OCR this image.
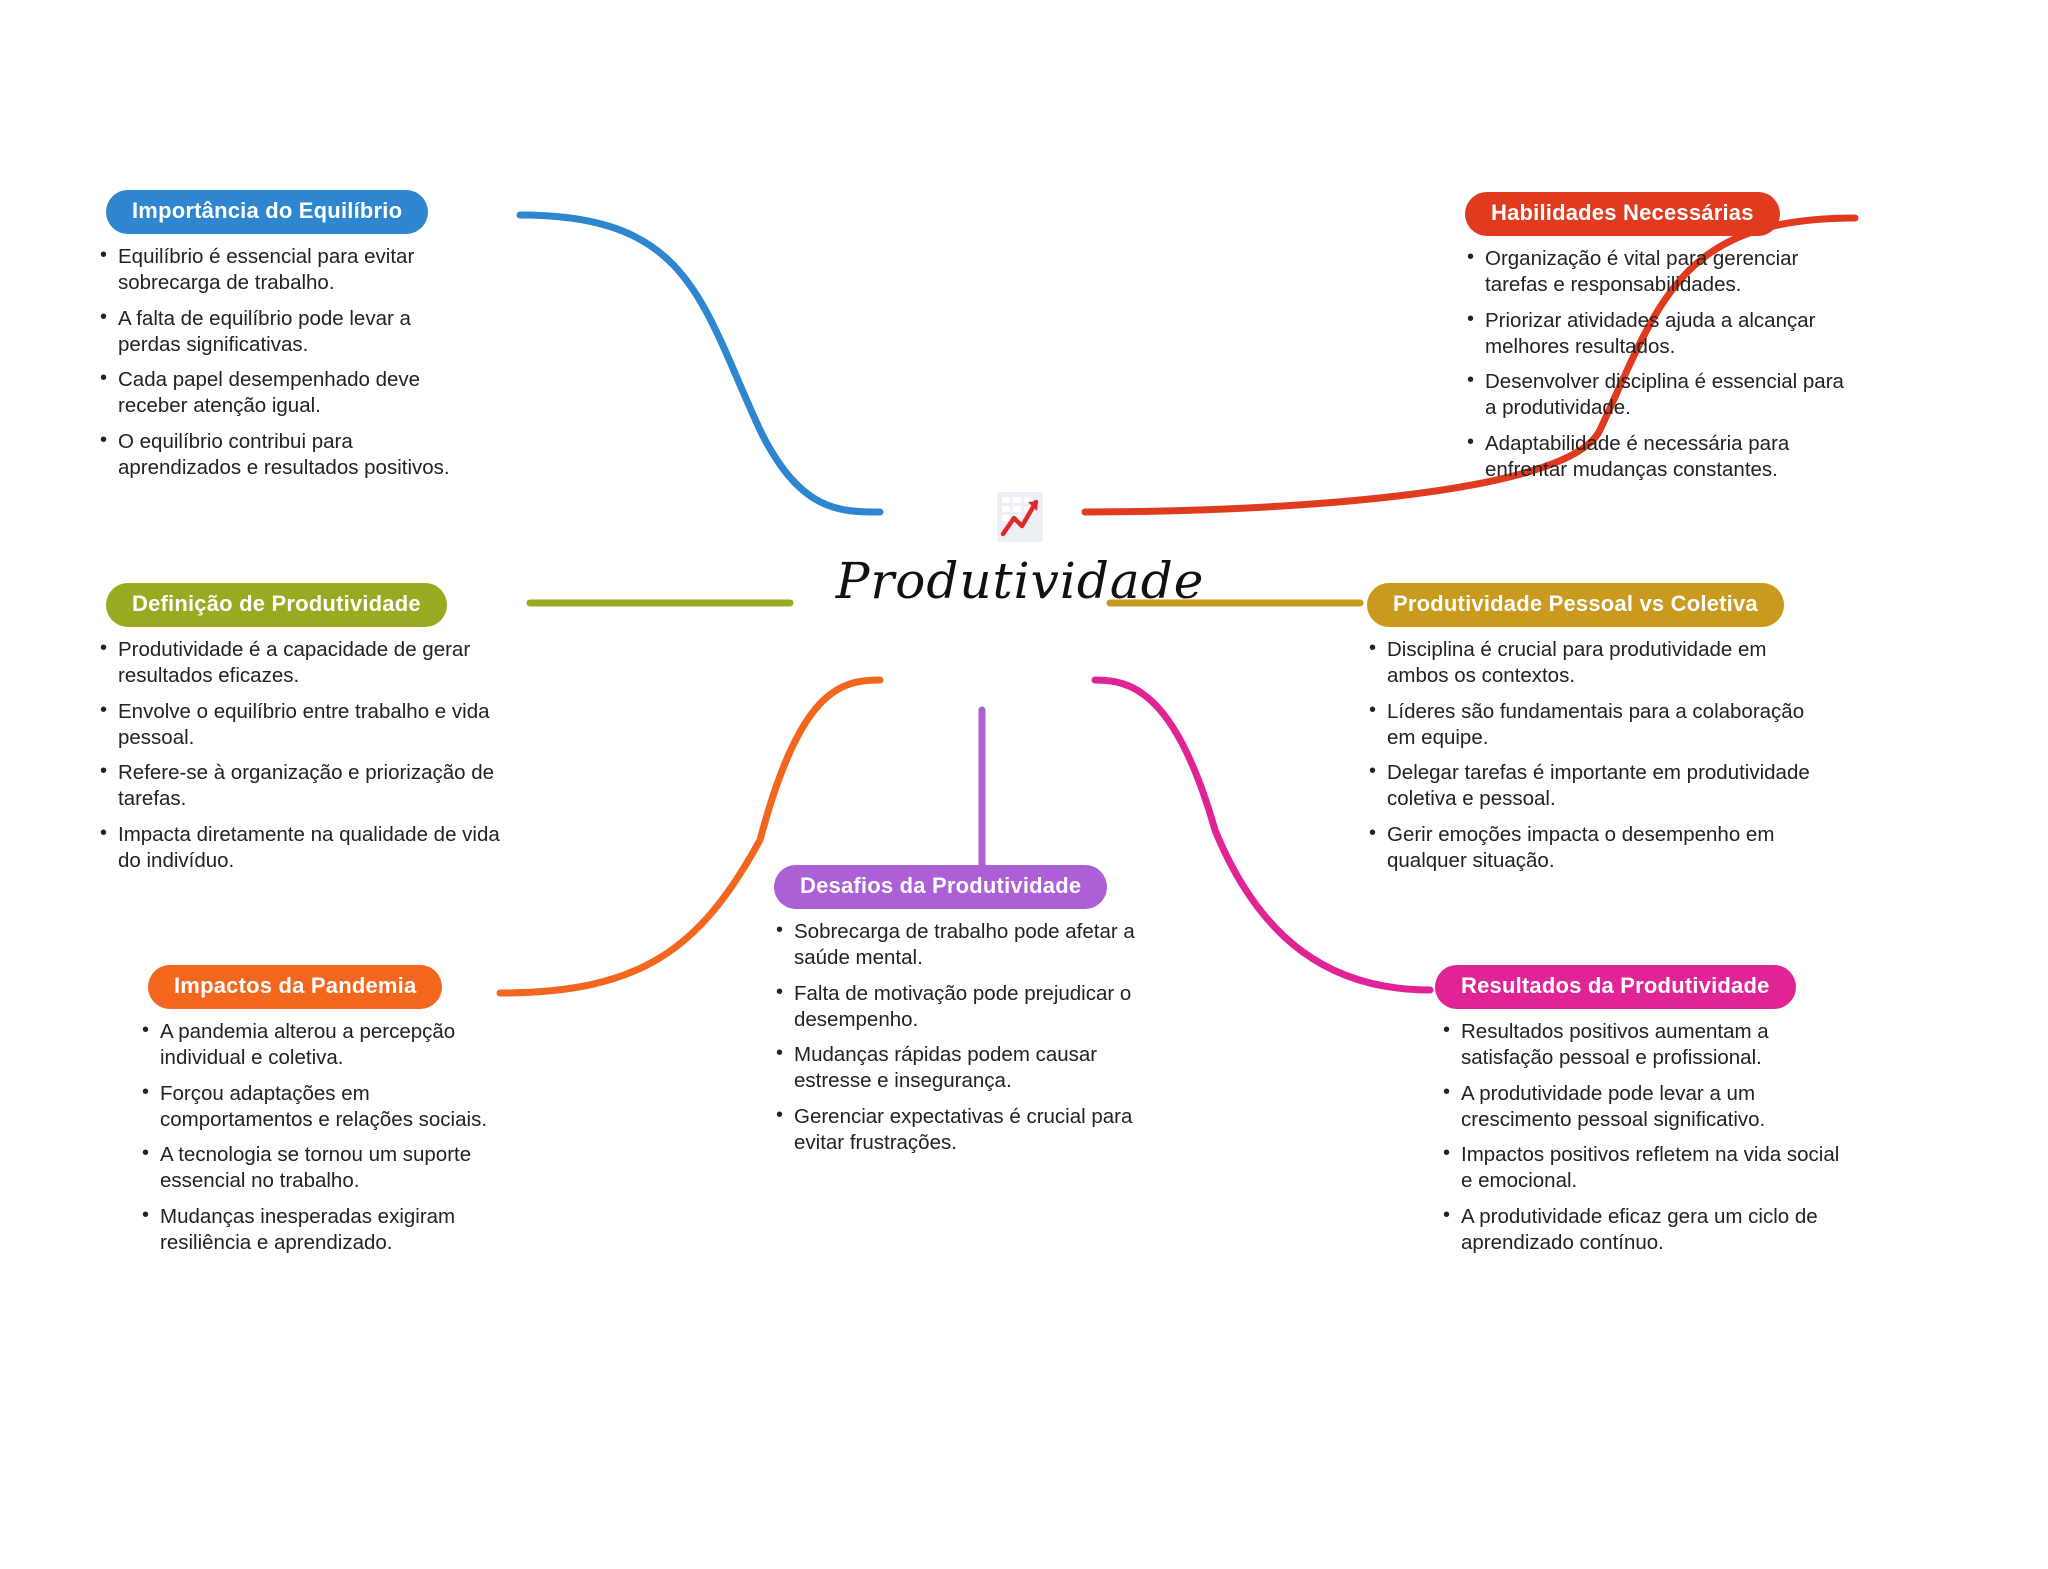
Produtividade
Importância do Equilíbrio
• Equilíbrio é essencial para evitar sobrecarga de trabalho.
• A falta de equilíbrio pode levar a perdas significativas.
• Cada papel desempenhado deve receber atenção igual.
• O equilíbrio contribui para aprendizados e resultados positivos.
Habilidades Necessárias
• Organização é vital para gerenciar tarefas e responsabilidades.
• Priorizar atividades ajuda a alcançar melhores resultados.
• Desenvolver disciplina é essencial para a produtividade.
• Adaptabilidade é necessária para enfrentar mudanças constantes.
Definição de Produtividade
• Produtividade é a capacidade de gerar resultados eficazes.
• Envolve o equilíbrio entre trabalho e vida pessoal.
• Refere-se à organização e priorização de tarefas.
• Impacta diretamente na qualidade de vida do indivíduo.
Produtividade Pessoal vs Coletiva
• Disciplina é crucial para produtividade em ambos os contextos.
• Líderes são fundamentais para a colaboração em equipe.
• Delegar tarefas é importante em produtividade coletiva e pessoal.
• Gerir emoções impacta o desempenho em qualquer situação.
Impactos da Pandemia
• A pandemia alterou a percepção individual e coletiva.
• Forçou adaptações em comportamentos e relações sociais.
• A tecnologia se tornou um suporte essencial no trabalho.
• Mudanças inesperadas exigiram resiliência e aprendizado.
Desafios da Produtividade
• Sobrecarga de trabalho pode afetar a saúde mental.
• Falta de motivação pode prejudicar o desempenho.
• Mudanças rápidas podem causar estresse e insegurança.
• Gerenciar expectativas é crucial para evitar frustrações.
Resultados da Produtividade
• Resultados positivos aumentam a satisfação pessoal e profissional.
• A produtividade pode levar a um crescimento pessoal significativo.
• Impactos positivos refletem na vida social e emocional.
• A produtividade eficaz gera um ciclo de aprendizado contínuo.
